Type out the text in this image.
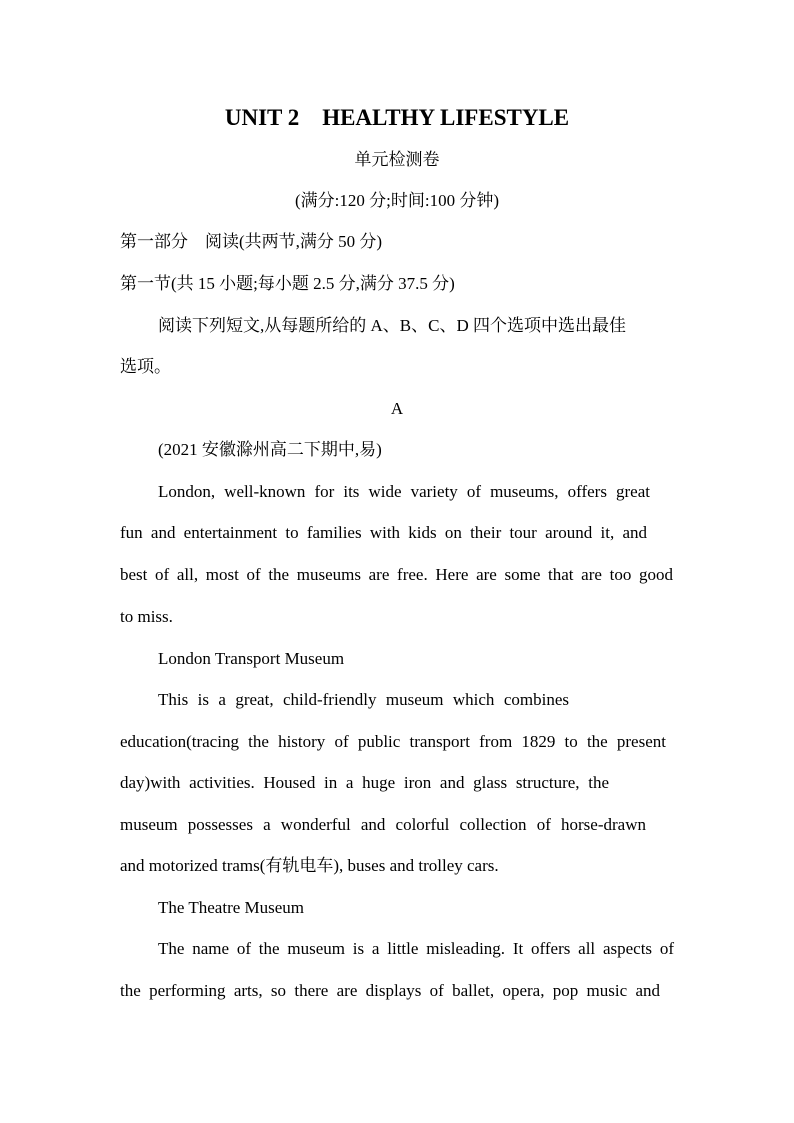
UNIT 2    HEALTHY LIFESTYLE
单元检测卷
(满分:120 分;时间:100 分钟)
第一部分    阅读(共两节,满分 50 分)
第一节(共 15 小题;每小题 2.5 分,满分 37.5 分)
阅读下列短文,从每题所给的 A、B、C、D 四个选项中选出最佳
选项。
A
(2021 安徽滁州高二下期中,易)
London, well-known for its wide variety of museums, offers great
fun and entertainment to families with kids on their tour around it, and
best of all, most of the museums are free. Here are some that are too good
to miss.
London Transport Museum
This is a great, child-friendly museum which combines
education(tracing the history of public transport from 1829 to the present
day)with activities. Housed in a huge iron and glass structure, the
museum possesses a wonderful and colorful collection of horse-drawn
and motorized trams(有轨电车), buses and trolley cars.
The Theatre Museum
The name of the museum is a little misleading. It offers all aspects of
the performing arts, so there are displays of ballet, opera, pop music and
